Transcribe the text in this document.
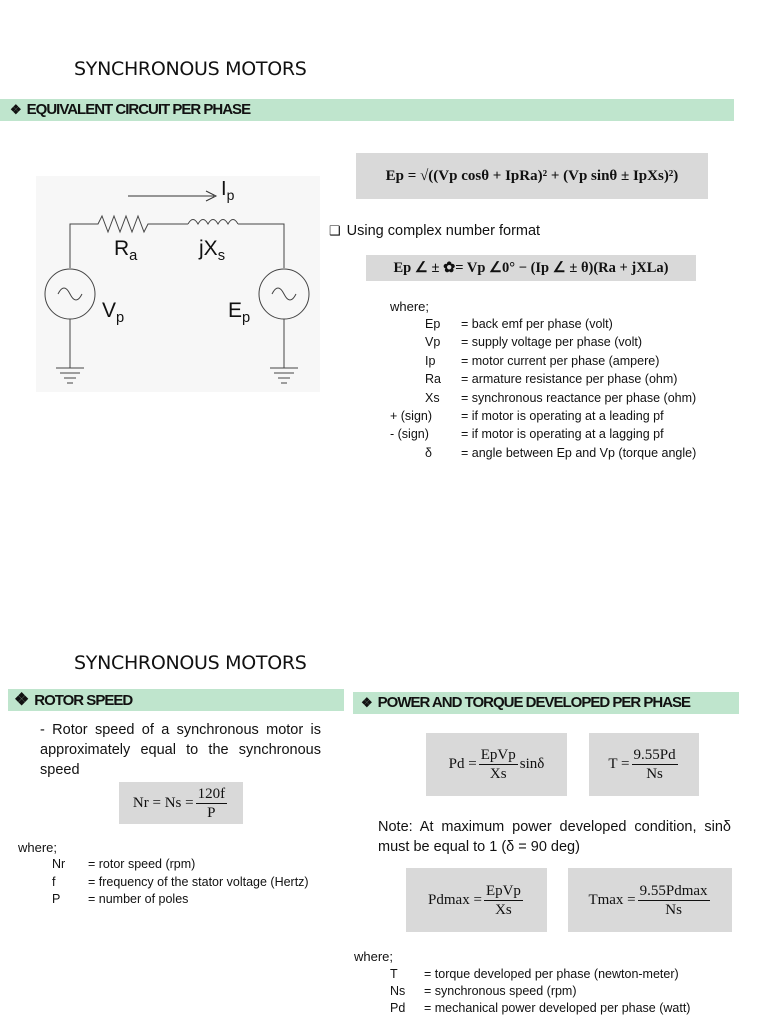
SYNCHRONOUS MOTORS
❖ EQUIVALENT CIRCUIT PER PHASE
$I_p$
$R_a$	$jX_s$
$V_p$	$E_p$
Ep = √((Vp cosθ + IpRa)² + (Vp sinθ ± IpXs)²)
❑ Using complex number format
Ep ∠ ± ✿= Vp ∠0° − (Ip ∠ ± θ)(Ra + jXLa)
where;
Ep = back emf per phase (volt)
Vp = supply voltage per phase (volt)
Ip = motor current per phase (ampere)
Ra = armature resistance per phase (ohm)
Xs = synchronous reactance per phase (ohm)
+ (sign) = if motor is operating at a leading pf
- (sign)	= if motor is operating at a lagging pf
δ = angle between Ep and Vp (torque angle)
SYNCHRONOUS MOTORS
❖ ROTOR SPEED	❖ POWER AND TORQUE DEVELOPED PER PHASE
- Rotor speed of a synchronous motor is approximately equal to the synchronous speed
$Nr = Ns = \frac{120f}{P}$
where;
Nr = rotor speed (rpm)
f	= frequency of the stator voltage (Hertz)
P = number of poles
$Pd = \frac{\text{EpVp}}{Xs}$ sinδ	$T = \frac{9.55Pd}{Ns}$
Note: At maximum power developed condition, sinδ must be equal to 1 (δ = 90 deg)
$Pdmax = \frac{\text{EpVp}}{Xs}$	$Tmax = \frac{9.55Pdmax}{Ns}$
where;
T = torque developed per phase (newton-meter)
Ns = synchronous speed (rpm)
Pd = mechanical power developed per phase (watt)
